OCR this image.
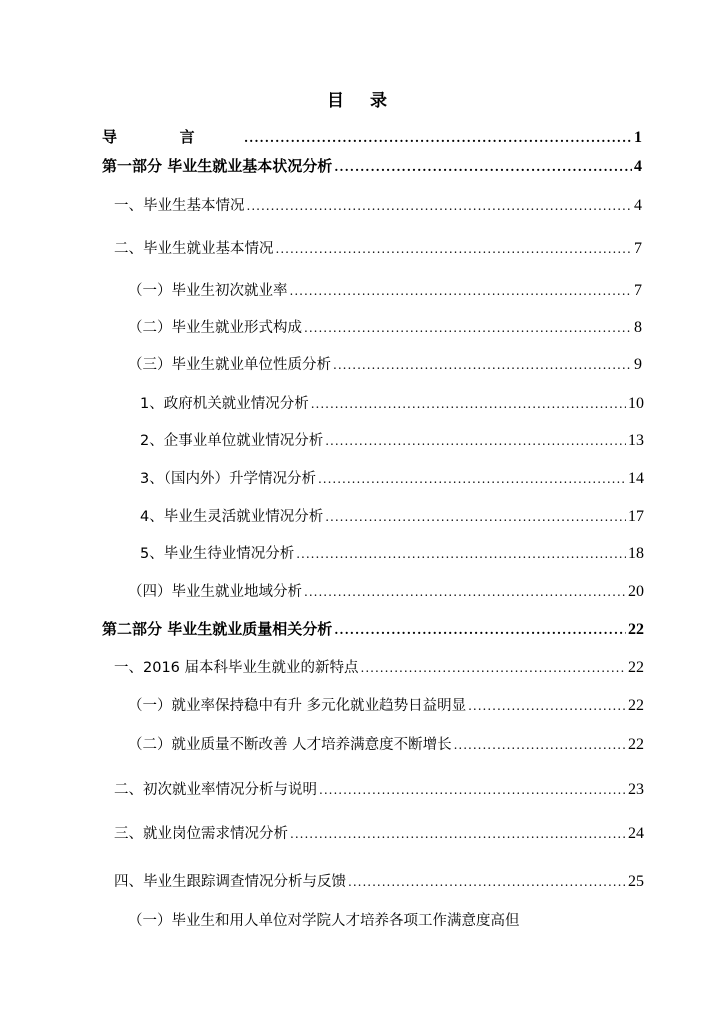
目 录
导            言 .....	1
第一部分 毕业生就业基本状况分析 .....	4
一、毕业生基本情况 .....	4
二、毕业生就业基本情况 .....	7
（一）毕业生初次就业率 .....	7
（二）毕业生就业形式构成 .....	8
（三）毕业生就业单位性质分析 .....	9
1、政府机关就业情况分析 .....	10
2、企事业单位就业情况分析 .....	13
3、（国内外）升学情况分析 .....	14
4、毕业生灵活就业情况分析 .....	17
5、毕业生待业情况分析 .....	18
（四）毕业生就业地域分析 .....	20
第二部分 毕业生就业质量相关分析 .....	22
一、2016 届本科毕业生就业的新特点 .....	22
（一）就业率保持稳中有升 多元化就业趋势日益明显 .....	22
（二）就业质量不断改善 人才培养满意度不断增长 .....	22
二、初次就业率情况分析与说明 .....	23
三、就业岗位需求情况分析 .....	24
四、毕业生跟踪调查情况分析与反馈 .....	25
（一）毕业生和用人单位对学院人才培养各项工作满意度高但
